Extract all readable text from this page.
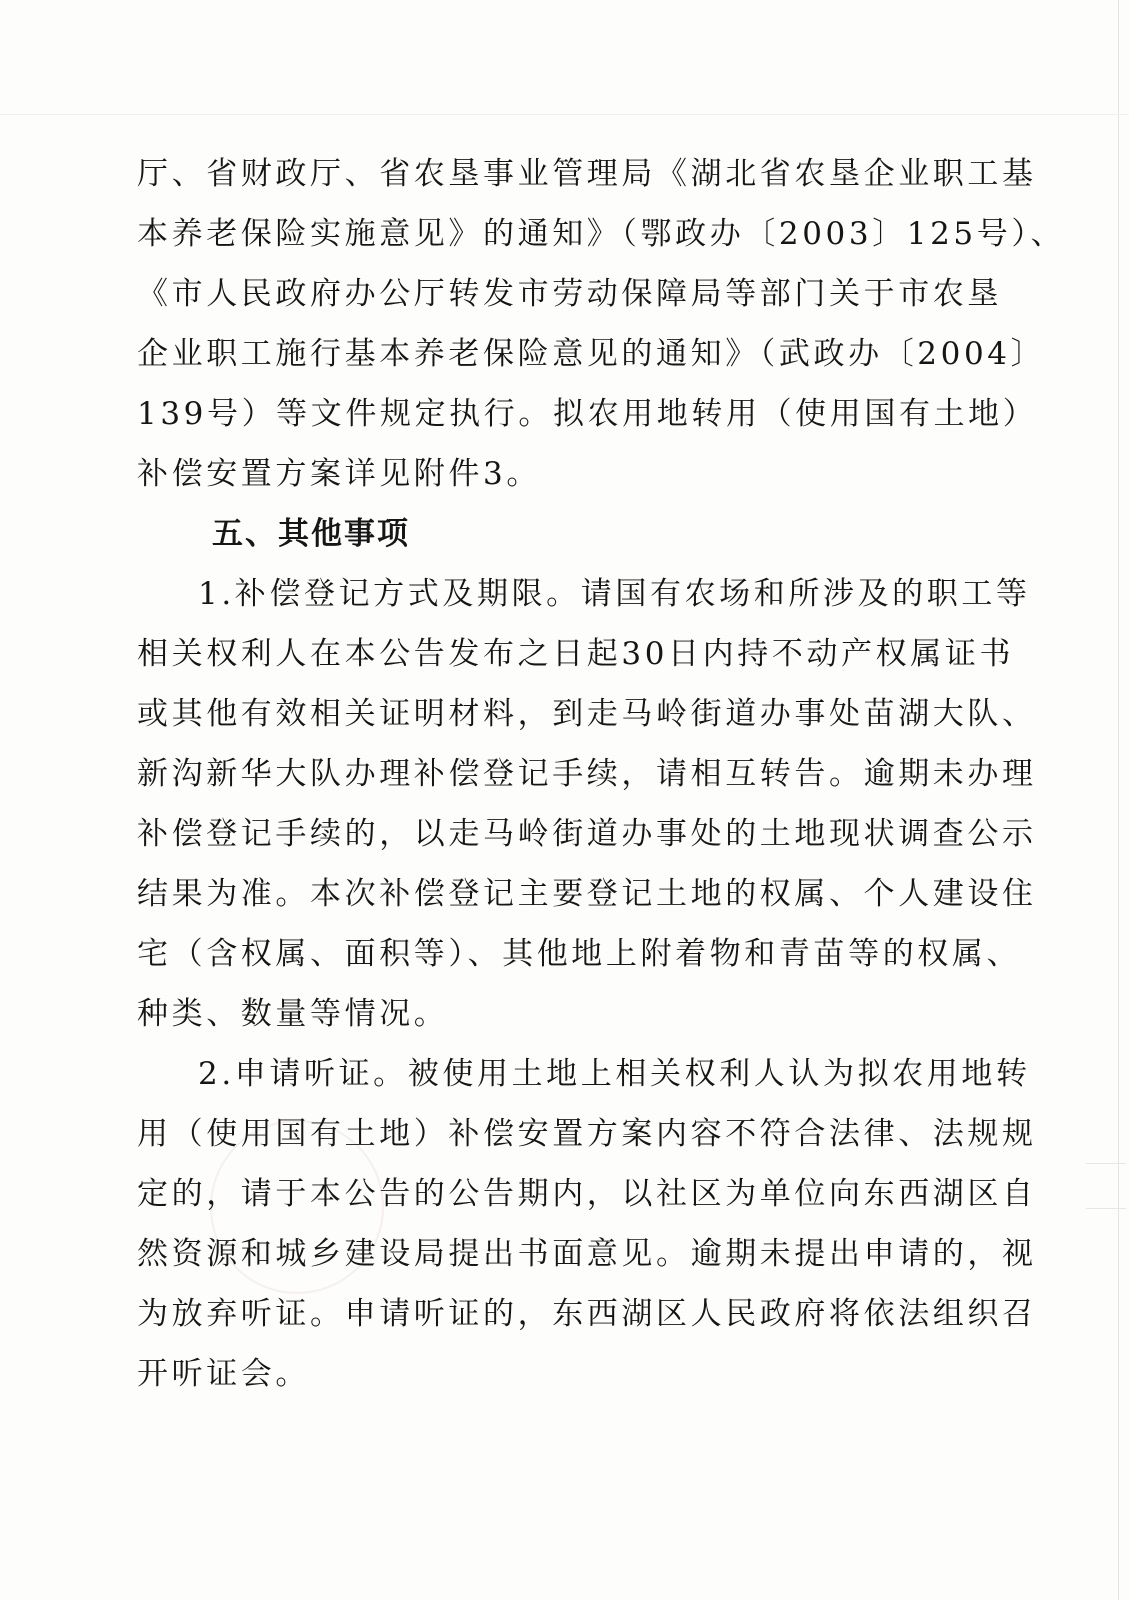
厅、省财政厅、省农垦事业管理局《湖北省农垦企业职工基

本养老保险实施意见》的通知》（鄂政办〔2003〕125号）、

《市人民政府办公厅转发市劳动保障局等部门关于市农垦

企业职工施行基本养老保险意见的通知》（武政办〔2004〕

139号）等文件规定执行。拟农用地转用（使用国有土地）

补偿安置方案详见附件3。

五、其他事项

1.补偿登记方式及期限。请国有农场和所涉及的职工等

相关权利人在本公告发布之日起30日内持不动产权属证书

或其他有效相关证明材料，到走马岭街道办事处苗湖大队、

新沟新华大队办理补偿登记手续，请相互转告。逾期未办理

补偿登记手续的，以走马岭街道办事处的土地现状调查公示

结果为准。本次补偿登记主要登记土地的权属、个人建设住

宅（含权属、面积等）、其他地上附着物和青苗等的权属、

种类、数量等情况。

2.申请听证。被使用土地上相关权利人认为拟农用地转

用（使用国有土地）补偿安置方案内容不符合法律、法规规

定的，请于本公告的公告期内，以社区为单位向东西湖区自

然资源和城乡建设局提出书面意见。逾期未提出申请的，视

为放弃听证。申请听证的，东西湖区人民政府将依法组织召

开听证会。
